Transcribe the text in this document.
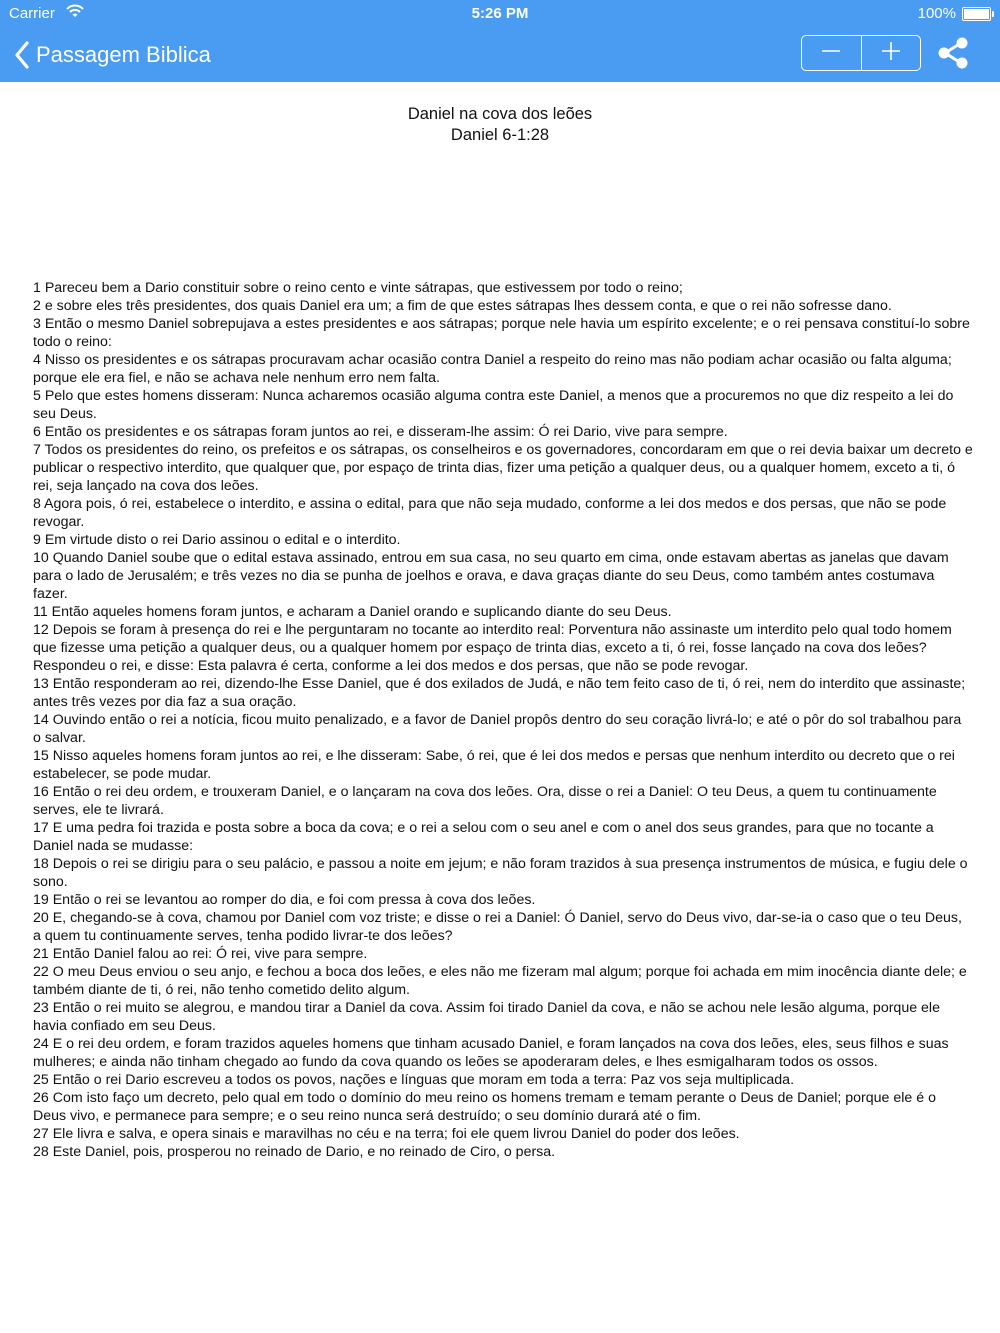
Carrier	5:26 PM	100%
Passagem Biblica
Daniel na cova dos leões
Daniel 6-1:28

1 Pareceu bem a Dario constituir sobre o reino cento e vinte sátrapas, que estivessem por todo o reino;

2 e sobre eles três presidentes, dos quais Daniel era um; a fim de que estes sátrapas lhes dessem conta, e que o rei não sofresse dano.

3 Então o mesmo Daniel sobrepujava a estes presidentes e aos sátrapas; porque nele havia um espírito excelente; e o rei pensava constituí-lo sobre todo o reino:

4 Nisso os presidentes e os sátrapas procuravam achar ocasião contra Daniel a respeito do reino mas não podiam achar ocasião ou falta alguma; porque ele era fiel, e não se achava nele nenhum erro nem falta.

5 Pelo que estes homens disseram: Nunca acharemos ocasião alguma contra este Daniel, a menos que a procuremos no que diz respeito a lei do seu Deus.

6 Então os presidentes e os sátrapas foram juntos ao rei, e disseram-lhe assim: Ó rei Dario, vive para sempre.

7 Todos os presidentes do reino, os prefeitos e os sátrapas, os conselheiros e os governadores, concordaram em que o rei devia baixar um decreto e publicar o respectivo interdito, que qualquer que, por espaço de trinta dias, fizer uma petição a qualquer deus, ou a qualquer homem, exceto a ti, ó rei, seja lançado na cova dos leões.

8 Agora pois, ó rei, estabelece o interdito, e assina o edital, para que não seja mudado, conforme a lei dos medos e dos persas, que não se pode revogar.

9 Em virtude disto o rei Dario assinou o edital e o interdito.

10 Quando Daniel soube que o edital estava assinado, entrou em sua casa, no seu quarto em cima, onde estavam abertas as janelas que davam para o lado de Jerusalém; e três vezes no dia se punha de joelhos e orava, e dava graças diante do seu Deus, como também antes costumava fazer.

11 Então aqueles homens foram juntos, e acharam a Daniel orando e suplicando diante do seu Deus.

12 Depois se foram à presença do rei e lhe perguntaram no tocante ao interdito real: Porventura não assinaste um interdito pelo qual todo homem que fizesse uma petição a qualquer deus, ou a qualquer homem por espaço de trinta dias, exceto a ti, ó rei, fosse lançado na cova dos leões? Respondeu o rei, e disse: Esta palavra é certa, conforme a lei dos medos e dos persas, que não se pode revogar.

13 Então responderam ao rei, dizendo-lhe Esse Daniel, que é dos exilados de Judá, e não tem feito caso de ti, ó rei, nem do interdito que assinaste; antes três vezes por dia faz a sua oração.

14 Ouvindo então o rei a notícia, ficou muito penalizado, e a favor de Daniel propôs dentro do seu coração livrá-lo; e até o pôr do sol trabalhou para o salvar.

15 Nisso aqueles homens foram juntos ao rei, e lhe disseram: Sabe, ó rei, que é lei dos medos e persas que nenhum interdito ou decreto que o rei estabelecer, se pode mudar.

16 Então o rei deu ordem, e trouxeram Daniel, e o lançaram na cova dos leões. Ora, disse o rei a Daniel: O teu Deus, a quem tu continuamente serves, ele te livrará.

17 E uma pedra foi trazida e posta sobre a boca da cova; e o rei a selou com o seu anel e com o anel dos seus grandes, para que no tocante a Daniel nada se mudasse:

18 Depois o rei se dirigiu para o seu palácio, e passou a noite em jejum; e não foram trazidos à sua presença instrumentos de música, e fugiu dele o sono.

19 Então o rei se levantou ao romper do dia, e foi com pressa à cova dos leões.

20 E, chegando-se à cova, chamou por Daniel com voz triste; e disse o rei a Daniel: Ó Daniel, servo do Deus vivo, dar-se-ia o caso que o teu Deus, a quem tu continuamente serves, tenha podido livrar-te dos leões?

21 Então Daniel falou ao rei: Ó rei, vive para sempre.

22 O meu Deus enviou o seu anjo, e fechou a boca dos leões, e eles não me fizeram mal algum; porque foi achada em mim inocência diante dele; e também diante de ti, ó rei, não tenho cometido delito algum.

23 Então o rei muito se alegrou, e mandou tirar a Daniel da cova. Assim foi tirado Daniel da cova, e não se achou nele lesão alguma, porque ele havia confiado em seu Deus.

24 E o rei deu ordem, e foram trazidos aqueles homens que tinham acusado Daniel, e foram lançados na cova dos leões, eles, seus filhos e suas mulheres; e ainda não tinham chegado ao fundo da cova quando os leões se apoderaram deles, e lhes esmigalharam todos os ossos.

25 Então o rei Dario escreveu a todos os povos, nações e línguas que moram em toda a terra: Paz vos seja multiplicada.

26 Com isto faço um decreto, pelo qual em todo o domínio do meu reino os homens tremam e temam perante o Deus de Daniel; porque ele é o Deus vivo, e permanece para sempre; e o seu reino nunca será destruído; o seu domínio durará até o fim.

27 Ele livra e salva, e opera sinais e maravilhas no céu e na terra; foi ele quem livrou Daniel do poder dos leões.

28 Este Daniel, pois, prosperou no reinado de Dario, e no reinado de Ciro, o persa.
